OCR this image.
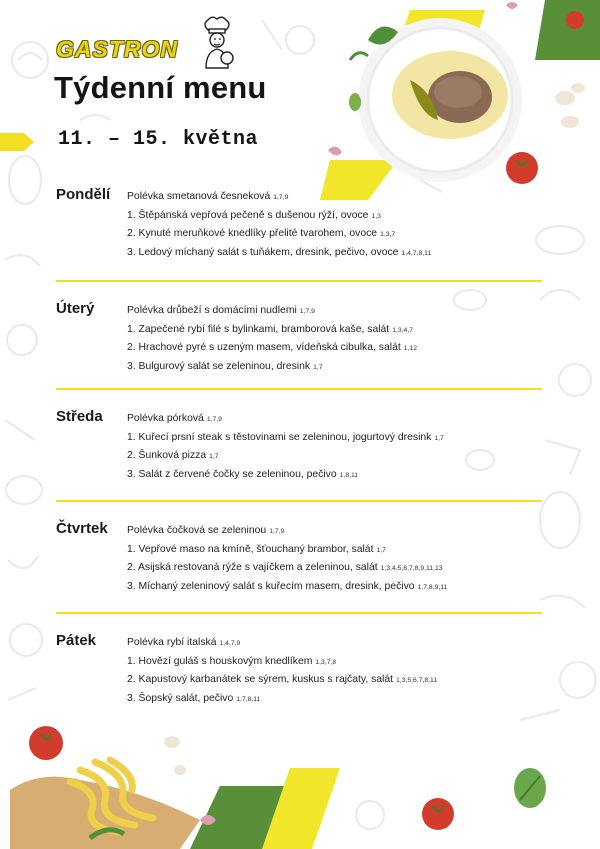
GASTRON
Týdenní menu
11. – 15. května
Pondělí Polévka smetanová česneková 1,7,9
1. Štěpánská vepřová pečeně s dušenou rýží, ovoce 1,3
2. Kynuté meruňkové knedlíky přelité tvarohem, ovoce 1,3,7
3. Ledový míchaný salát s tuňákem, dresink, pečivo, ovoce 1,4,7,8,11
Úterý	Polévka drůbeží s domácími nudlemi 1,7,9
1. Zapečené rybí filé s bylinkami, bramborová kaše, salát 1,3,4,7
2. Hrachové pyré s uzeným masem, vídeňská cibulka, salát 1,12
3. Bulgurový salát se zeleninou, dresink 1,7
Středa Polévka pórková 1,7,9
1. Kuřecí prsní steak s těstovinami se zeleninou, jogurtový dresink 1,7
2. Šunková pizza 1,7
3. Salát z červené čočky se zeleninou, pečivo 1,8,11
Čtvrtek Polévka čočková se zeleninou 1,7,9
1. Vepřové maso na kmíně, šťouchaný brambor, salát 1,7
2. Asijská restovaná rýže s vajíčkem a zeleninou, salát 1,3,4,5,6,7,8,9,11,13
3. Míchaný zeleninový salát s kuřecím masem, dresink, pečivo 1,7,8,9,11
Pátek	Polévka rybí italská 1,4,7,9
1. Hovězí guláš s houskovým knedlíkem 1,3,7,8
2. Kapustový karbanátek se sýrem, kuskus s rajčaty, salát 1,3,5,6,7,8,11
3. Šopský salát, pečivo 1,7,8,11
